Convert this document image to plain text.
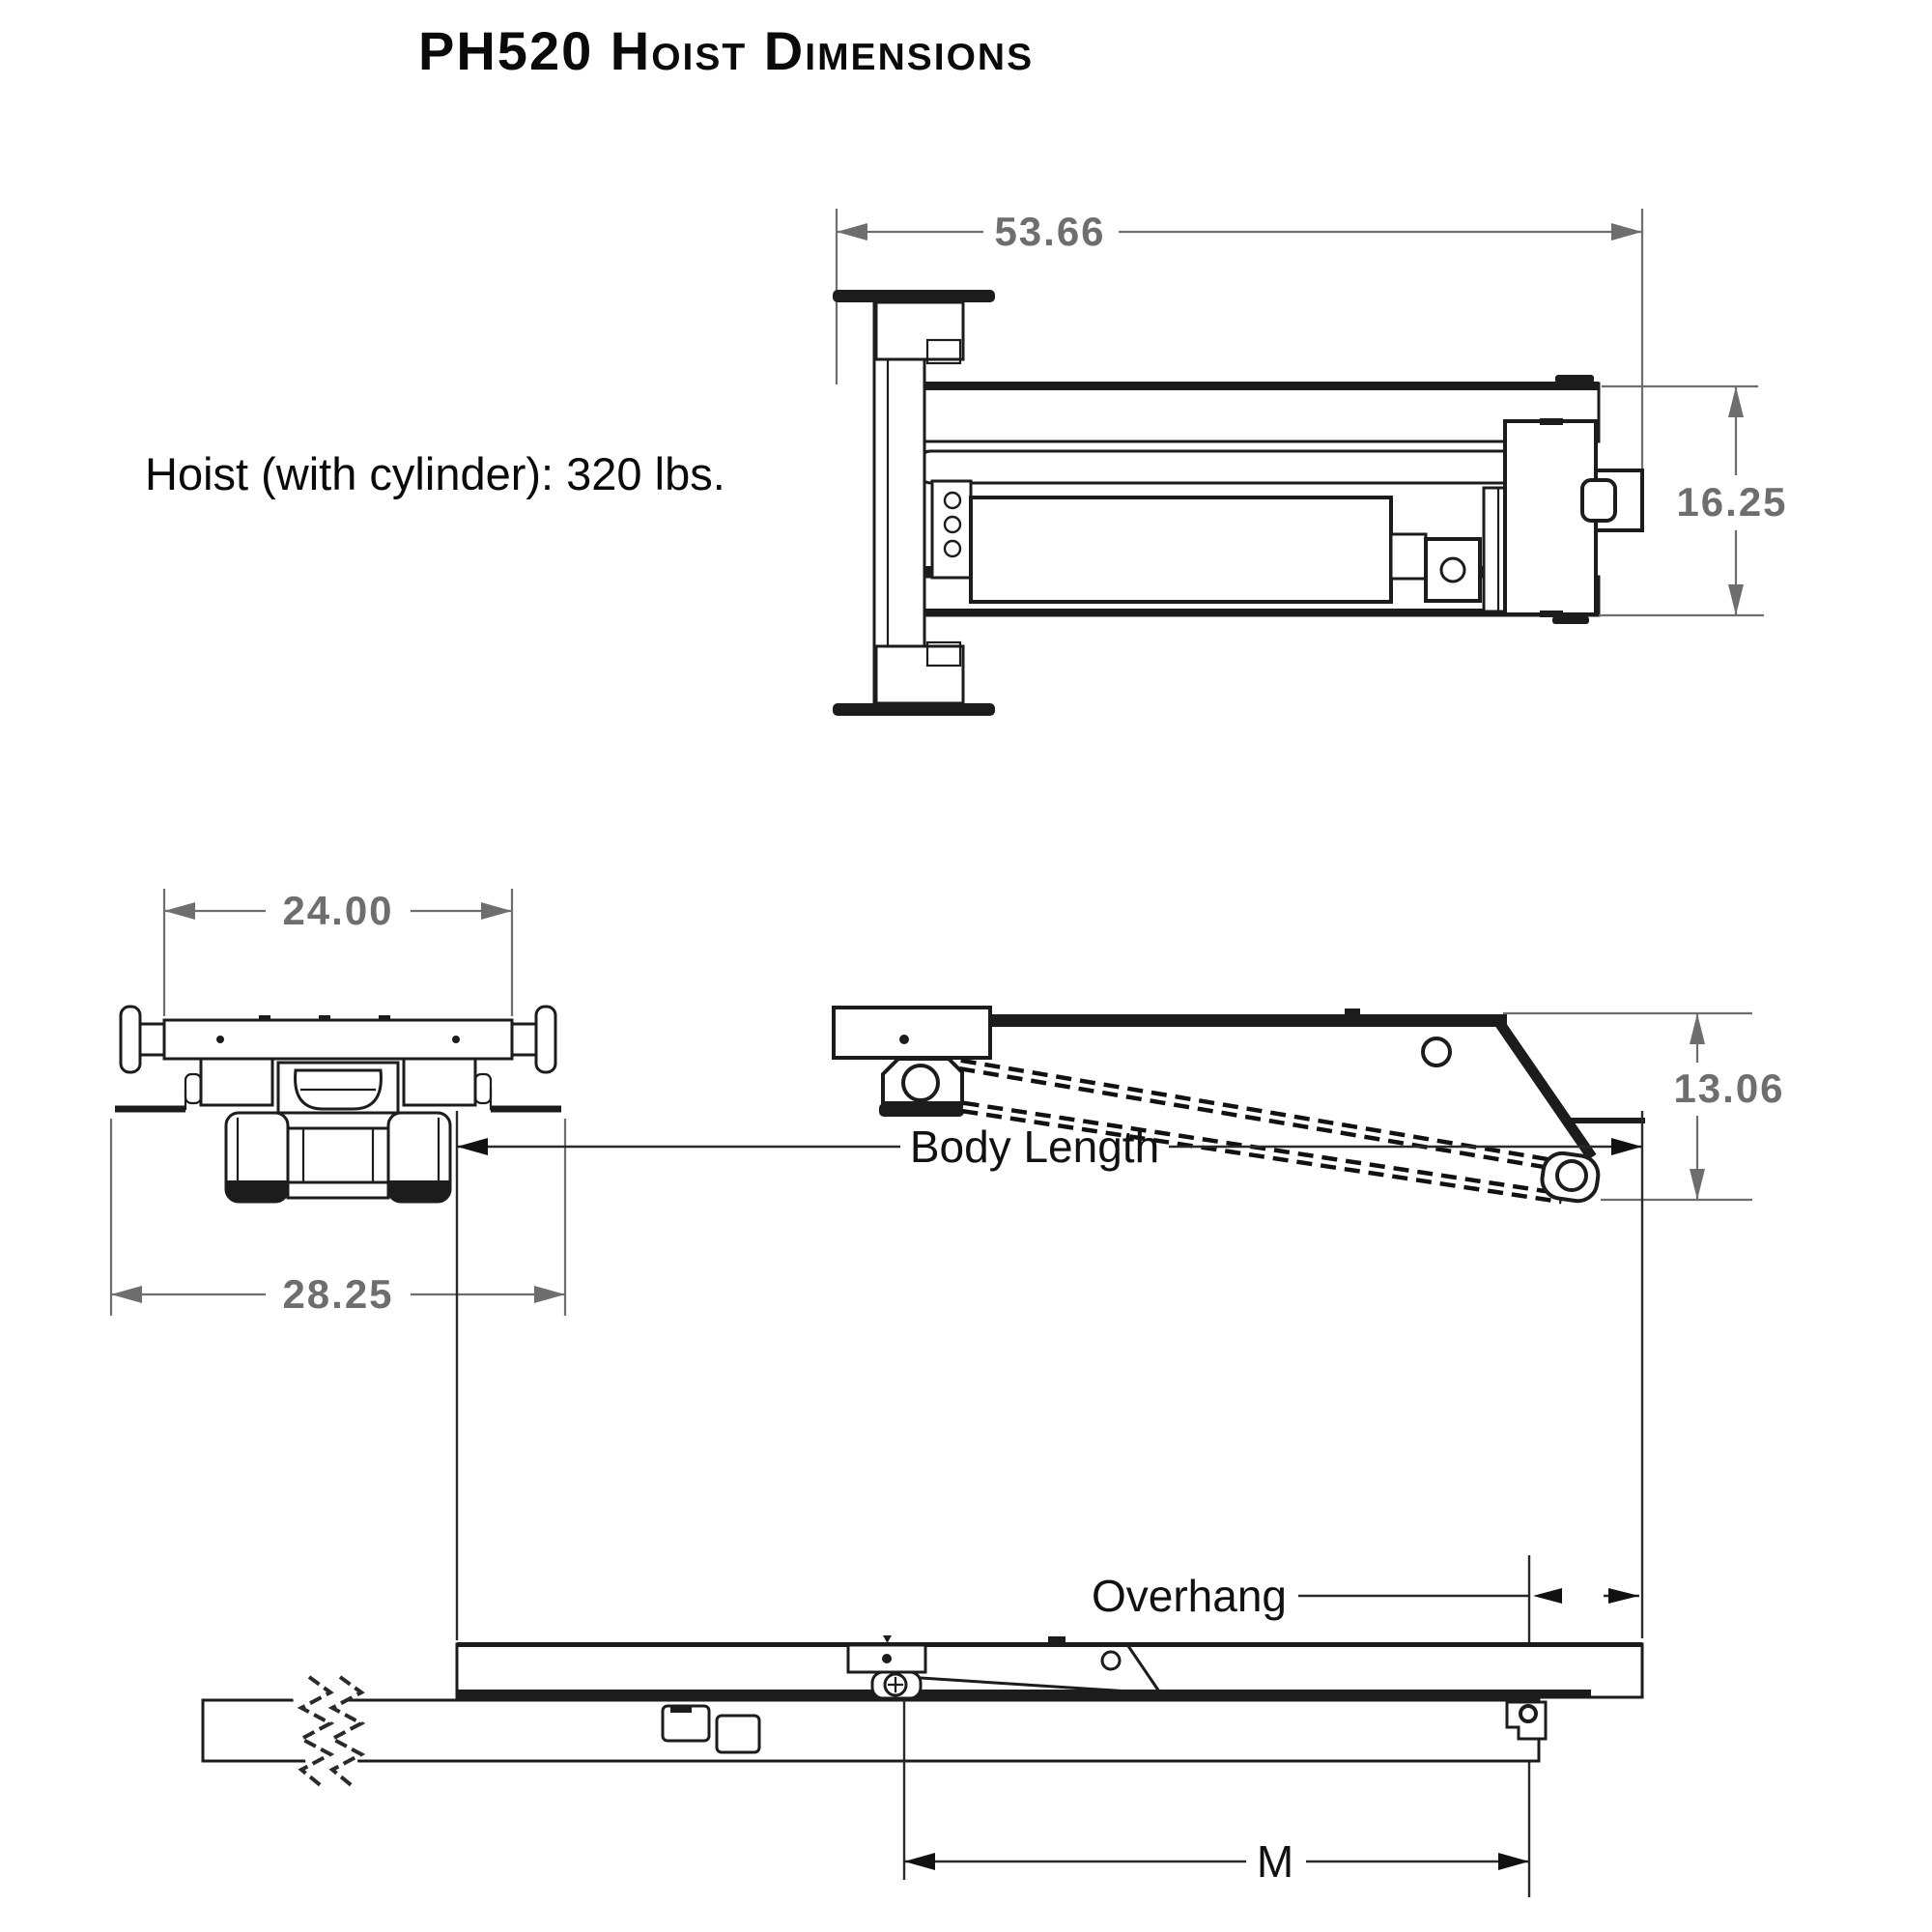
PH520 Hoist Dimensions
Hoist (with cylinder): 320 lbs.
53.66
16.25
24.00
28.25
13.06
Body Length
Overhang
M
